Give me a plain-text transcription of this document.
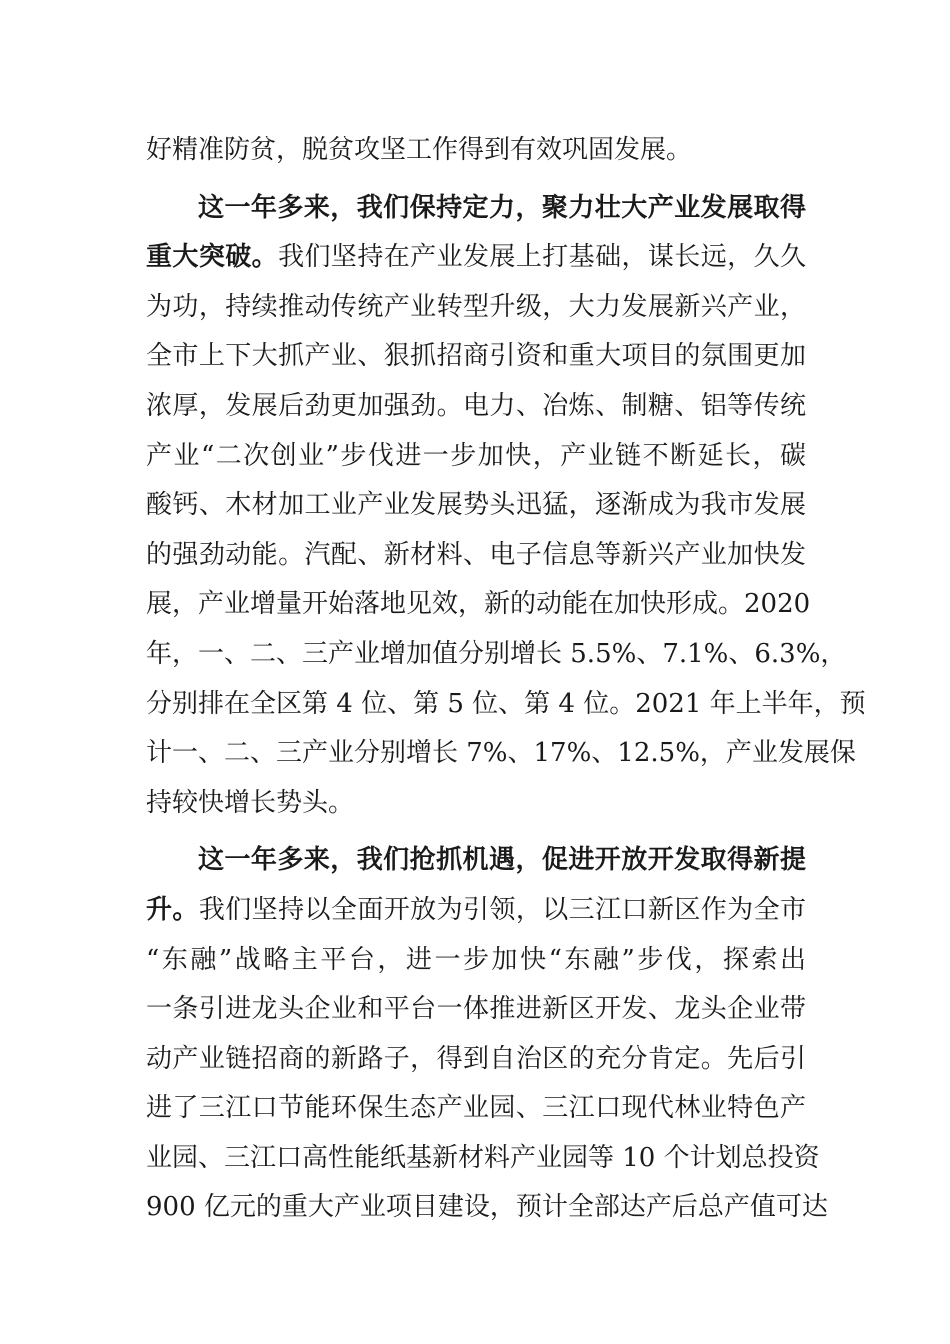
好精准防贫，脱贫攻坚工作得到有效巩固发展。
这一年多来，我们保持定力，聚力壮大产业发展取得
重大突破。我们坚持在产业发展上打基础，谋长远，久久
为功，持续推动传统产业转型升级，大力发展新兴产业，
全市上下大抓产业、狠抓招商引资和重大项目的氛围更加
浓厚，发展后劲更加强劲。电力、冶炼、制糖、铝等传统
产业“二次创业”步伐进一步加快，产业链不断延长，碳
酸钙、木材加工业产业发展势头迅猛，逐渐成为我市发展
的强劲动能。汽配、新材料、电子信息等新兴产业加快发
展，产业增量开始落地见效，新的动能在加快形成。2020
年，一、二、三产业增加值分别增长 5.5%、7.1%、6.3%，
分别排在全区第 4 位、第 5 位、第 4 位。2021 年上半年，预
计一、二、三产业分别增长 7%、17%、12.5%，产业发展保
持较快增长势头。
这一年多来，我们抢抓机遇，促进开放开发取得新提
升。我们坚持以全面开放为引领，以三江口新区作为全市
“东融”战略主平台，进一步加快“东融”步伐，探索出
一条引进龙头企业和平台一体推进新区开发、龙头企业带
动产业链招商的新路子，得到自治区的充分肯定。先后引
进了三江口节能环保生态产业园、三江口现代林业特色产
业园、三江口高性能纸基新材料产业园等 10 个计划总投资
900 亿元的重大产业项目建设，预计全部达产后总产值可达
